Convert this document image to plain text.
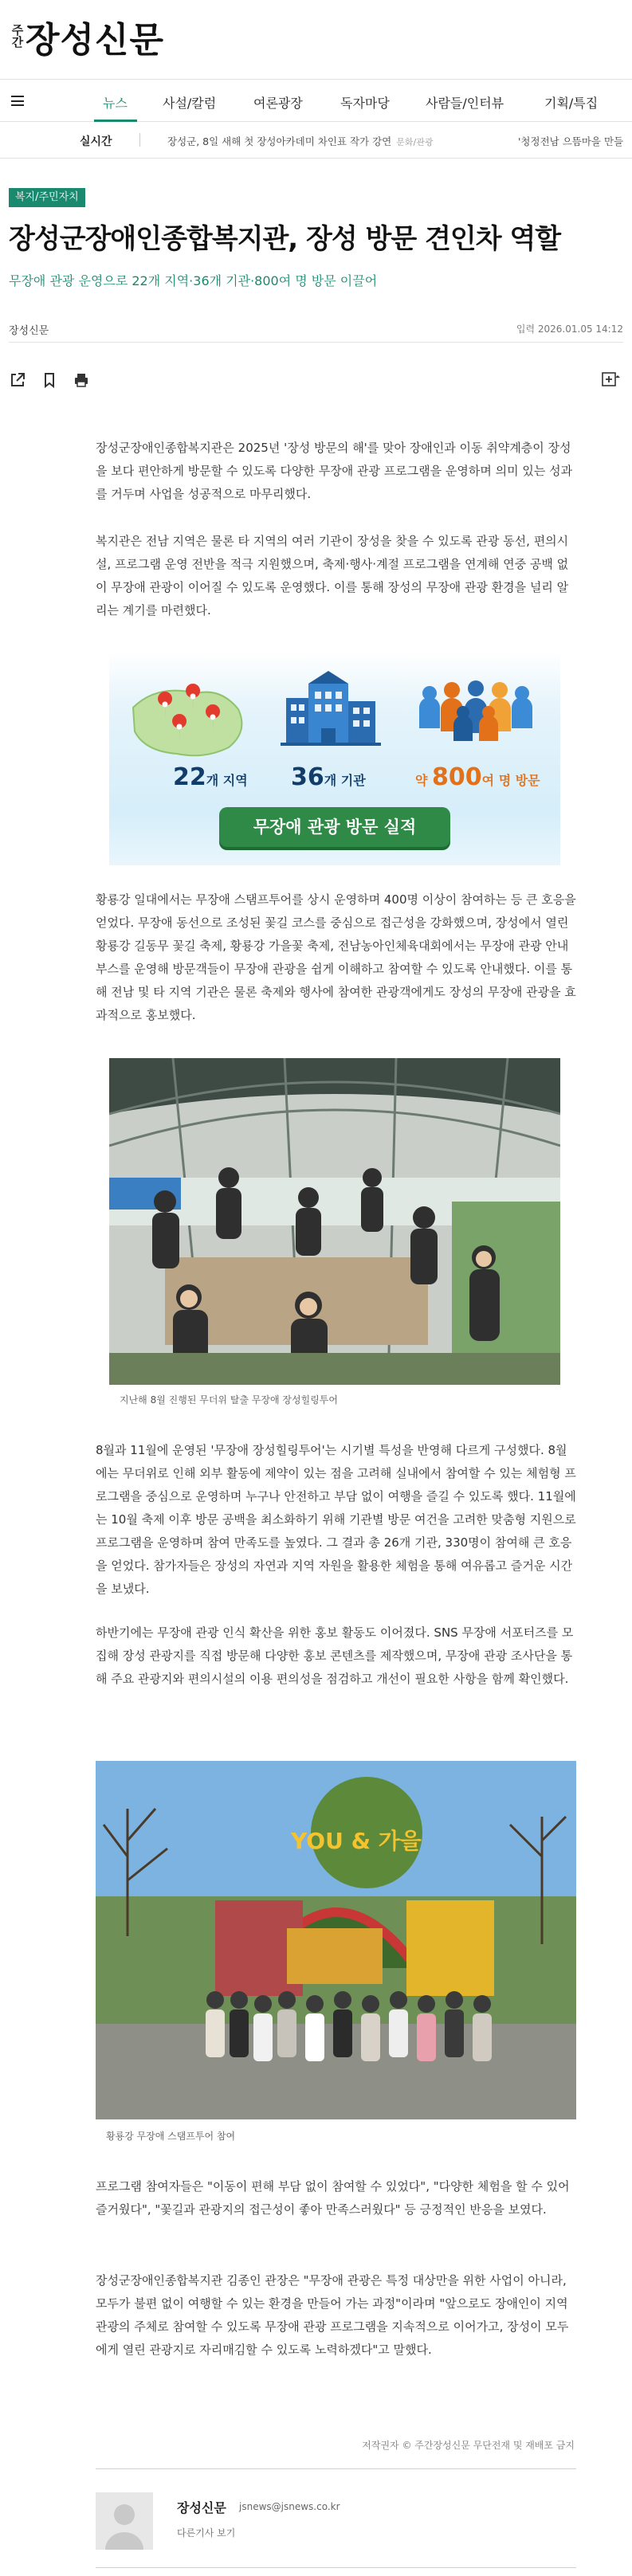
주간 장성신문
뉴스	사설/칼럼	여론광장	독자마당	사람들/인터뷰	기획/특집
실시간	장성군, 8일 새해 첫 장성아카데미 차인표 작가 강연 문화/관광	'청정전남 으뜸마을 만들
복지/주민자치
장성군장애인종합복지관, 장성 방문 견인차 역할
무장애 관광 운영으로 22개 지역·36개 기관·800여 명 방문 이끌어
장성신문	입력 2026.01.05 14:12

장성군장애인종합복지관은 2025년 '장성 방문의 해'를 맞아 장애인과 이동 취약계층이 장성을 보다 편안하게 방문할 수 있도록 다양한 무장애 관광 프로그램을 운영하며 의미 있는 성과를 거두며 사업을 성공적으로 마무리했다.

복지관은 전남 지역은 물론 타 지역의 여러 기관이 장성을 찾을 수 있도록 관광 동선, 편의시설, 프로그램 운영 전반을 적극 지원했으며, 축제·행사·계절 프로그램을 연계해 연중 공백 없이 무장애 관광이 이어질 수 있도록 운영했다. 이를 통해 장성의 무장애 관광 환경을 널리 알리는 계기를 마련했다.

22개 지역 36개 기관	약 800여 명 방문
무장애 관광 방문 실적

황룡강 일대에서는 무장애 스탬프투어를 상시 운영하며 400명 이상이 참여하는 등 큰 호응을 얻었다. 무장애 동선으로 조성된 꽃길 코스를 중심으로 접근성을 강화했으며, 장성에서 열린 황룡강 길동무 꽃길 축제, 황룡강 가을꽃 축제, 전남농아인체육대회에서는 무장애 관광 안내 부스를 운영해 방문객들이 무장애 관광을 쉽게 이해하고 참여할 수 있도록 안내했다. 이를 통해 전남 및 타 지역 기관은 물론 축제와 행사에 참여한 관광객에게도 장성의 무장애 관광을 효과적으로 홍보했다.

지난해 8월 진행된 무더위 탈출 무장애 장성힐링투어

8월과 11월에 운영된 '무장애 장성힐링투어'는 시기별 특성을 반영해 다르게 구성했다. 8월에는 무더위로 인해 외부 활동에 제약이 있는 점을 고려해 실내에서 참여할 수 있는 체험형 프로그램을 중심으로 운영하며 누구나 안전하고 부담 없이 여행을 즐길 수 있도록 했다. 11월에는 10월 축제 이후 방문 공백을 최소화하기 위해 기관별 방문 여건을 고려한 맞춤형 지원으로 프로그램을 운영하며 참여 만족도를 높였다. 그 결과 총 26개 기관, 330명이 참여해 큰 호응을 얻었다. 참가자들은 장성의 자연과 지역 자원을 활용한 체험을 통해 여유롭고 즐거운 시간을 보냈다.

하반기에는 무장애 관광 인식 확산을 위한 홍보 활동도 이어졌다. SNS 무장애 서포터즈를 모집해 장성 관광지를 직접 방문해 다양한 홍보 콘텐츠를 제작했으며, 무장애 관광 조사단을 통해 주요 관광지와 편의시설의 이용 편의성을 점검하고 개선이 필요한 사항을 함께 확인했다.

YOU & 가을
황룡강 무장애 스탬프투어 참여

프로그램 참여자들은 "이동이 편해 부담 없이 참여할 수 있었다", "다양한 체험을 할 수 있어 즐거웠다", "꽃길과 관광지의 접근성이 좋아 만족스러웠다" 등 긍정적인 반응을 보였다.

장성군장애인종합복지관 김종인 관장은 "무장애 관광은 특정 대상만을 위한 사업이 아니라, 모두가 불편 없이 여행할 수 있는 환경을 만들어 가는 과정"이라며 "앞으로도 장애인이 지역 관광의 주체로 참여할 수 있도록 무장애 관광 프로그램을 지속적으로 이어가고, 장성이 모두에게 열린 관광지로 자리매김할 수 있도록 노력하겠다"고 말했다.

저작권자 © 주간장성신문 무단전재 및 재배포 금지
장성신문 jsnews@jsnews.co.kr
다른기사 보기
